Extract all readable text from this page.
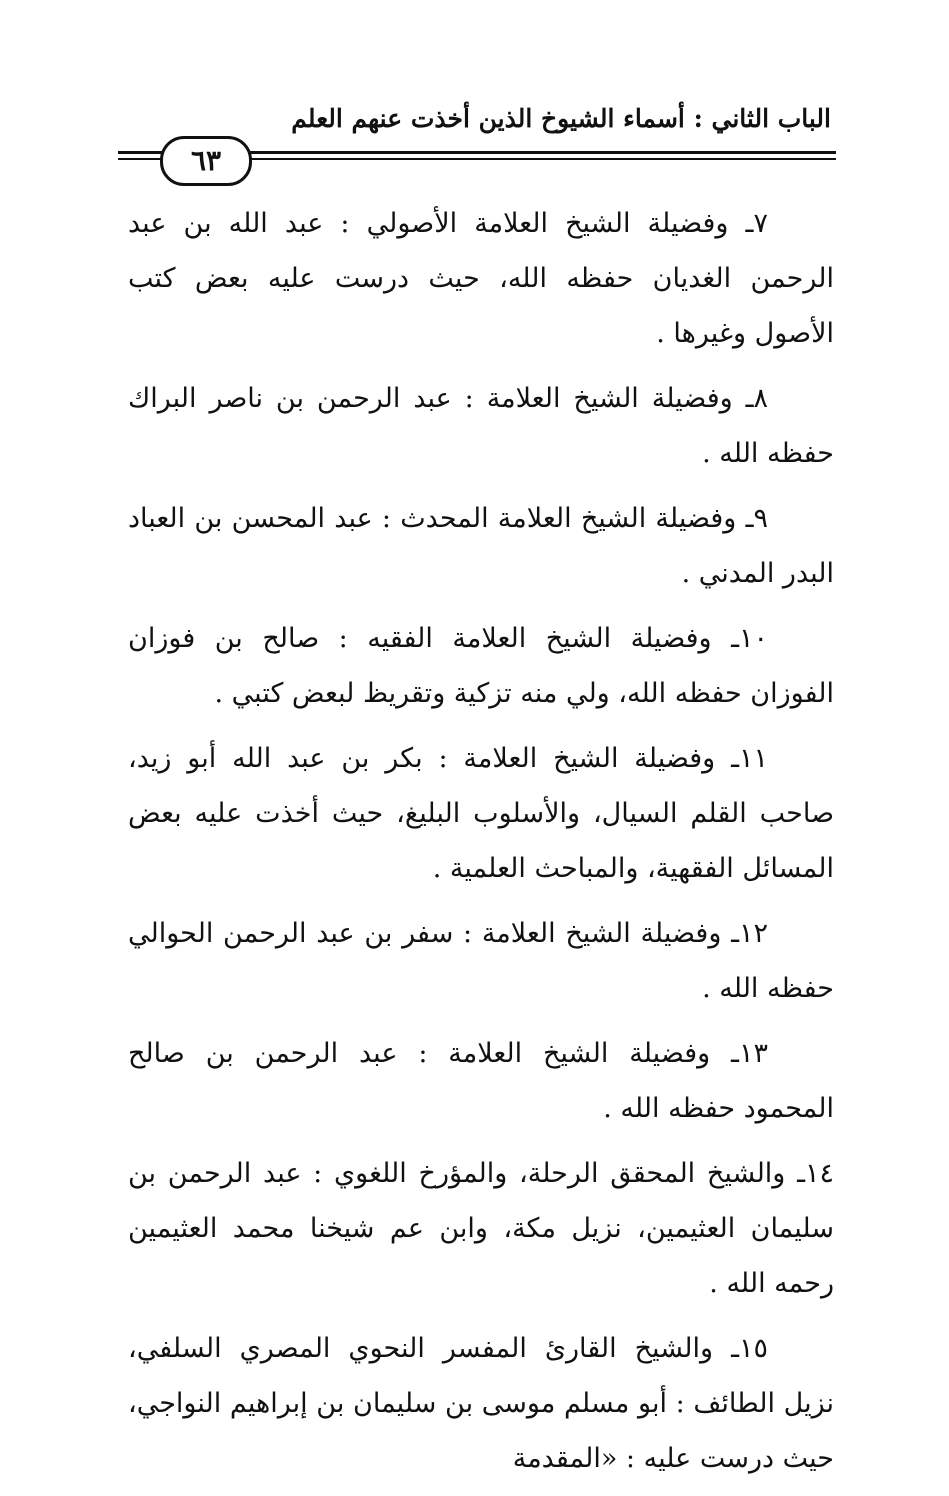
الباب الثاني : أسماء الشيوخ الذين أخذت عنهم العلم
٦٣

٧ـ وفضيلة الشيخ العلامة الأصولي : عبد الله بن عبد الرحمن الغديان حفظه الله، حيث درست عليه بعض كتب الأصول وغيرها .

٨ـ وفضيلة الشيخ العلامة : عبد الرحمن بن ناصر البراك حفظه الله .

٩ـ وفضيلة الشيخ العلامة المحدث : عبد المحسن بن العباد البدر المدني .

١٠ـ وفضيلة الشيخ العلامة الفقيه : صالح بن فوزان الفوزان حفظه الله، ولي منه تزكية وتقريظ لبعض كتبي .

١١ـ وفضيلة الشيخ العلامة : بكر بن عبد الله أبو زيد، صاحب القلم السيال، والأسلوب البليغ، حيث أخذت عليه بعض المسائل الفقهية، والمباحث العلمية .

١٢ـ وفضيلة الشيخ العلامة : سفر بن عبد الرحمن الحوالي حفظه الله .

١٣ـ وفضيلة الشيخ العلامة : عبد الرحمن بن صالح المحمود حفظه الله .

١٤ـ والشيخ المحقق الرحلة، والمؤرخ اللغوي : عبد الرحمن بن سليمان العثيمين، نزيل مكة، وابن عم شيخنا محمد العثيمين رحمه الله .

١٥ـ والشيخ القارئ المفسر النحوي المصري السلفي، نزيل الطائف : أبو مسلم موسى بن سليمان بن إبراهيم النواجي، حيث درست عليه : «المقدمة
